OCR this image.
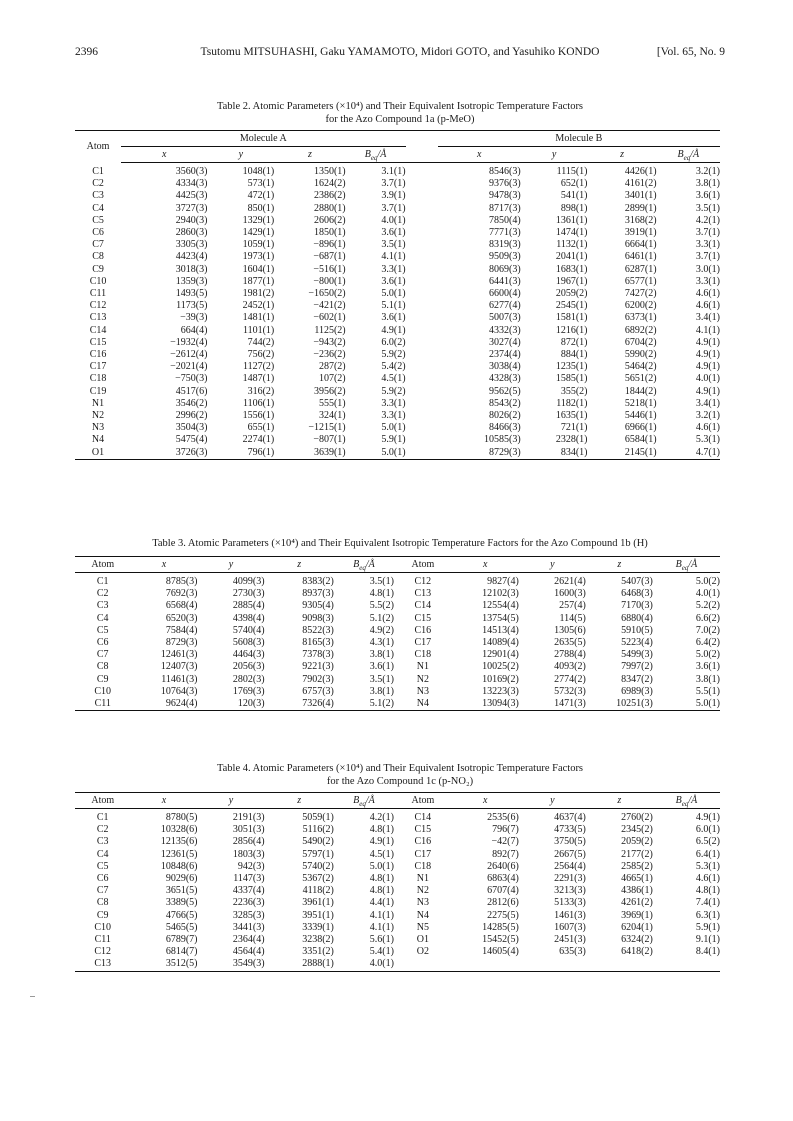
2396	Tsutomu MITSUHASHI, Gaku YAMAMOTO, Midori GOTO, and Yasuhiko KONDO	[Vol. 65, No. 9
Table 2. Atomic Parameters (×10⁴) and Their Equivalent Isotropic Temperature Factors
for the Azo Compound 1a (p-MeO)
Atom	Molecule A					Molecule B			
	x	y	z	$B_{eq}/Å$		x	y	z	$B_{eq}/Å$
C1	3560(3)	1048(1)	1350(1)	3.1(1)		8546(3)	1115(1)	4426(1)	3.2(1)
C2	4334(3)	573(1)	1624(2)	3.7(1)		9376(3)	652(1)	4161(2)	3.8(1)
C3	4425(3)	472(1)	2386(2)	3.9(1)		9478(3)	541(1)	3401(1)	3.6(1)
C4	3727(3)	850(1)	2880(1)	3.7(1)		8717(3)	898(1)	2899(1)	3.5(1)
C5	2940(3)	1329(1)	2606(2)	4.0(1)		7850(4)	1361(1)	3168(2)	4.2(1)
C6	2860(3)	1429(1)	1850(1)	3.6(1)		7771(3)	1474(1)	3919(1)	3.7(1)
C7	3305(3)	1059(1)	−896(1)	3.5(1)		8319(3)	1132(1)	6664(1)	3.3(1)
C8	4423(4)	1973(1)	−687(1)	4.1(1)		9509(3)	2041(1)	6461(1)	3.7(1)
C9	3018(3)	1604(1)	−516(1)	3.3(1)		8069(3)	1683(1)	6287(1)	3.0(1)
C10	1359(3)	1877(1)	−800(1)	3.6(1)		6441(3)	1967(1)	6577(1)	3.3(1)
C11	1493(5)	1981(2)	−1650(2)	5.0(1)		6600(4)	2059(2)	7427(2)	4.6(1)
C12	1173(5)	2452(1)	−421(2)	5.1(1)		6277(4)	2545(1)	6200(2)	4.6(1)
C13	−39(3)	1481(1)	−602(1)	3.6(1)		5007(3)	1581(1)	6373(1)	3.4(1)
C14	664(4)	1101(1)	1125(2)	4.9(1)		4332(3)	1216(1)	6892(2)	4.1(1)
C15	−1932(4)	744(2)	−943(2)	6.0(2)		3027(4)	872(1)	6704(2)	4.9(1)
C16	−2612(4)	756(2)	−236(2)	5.9(2)		2374(4)	884(1)	5990(2)	4.9(1)
C17	−2021(4)	1127(2)	287(2)	5.4(2)		3038(4)	1235(1)	5464(2)	4.9(1)
C18	−750(3)	1487(1)	107(2)	4.5(1)		4328(3)	1585(1)	5651(2)	4.0(1)
C19	4517(6)	316(2)	3956(2)	5.9(2)		9562(5)	355(2)	1844(2)	4.9(1)
N1	3546(2)	1106(1)	555(1)	3.3(1)		8543(2)	1182(1)	5218(1)	3.4(1)
N2	2996(2)	1556(1)	324(1)	3.3(1)		8026(2)	1635(1)	5446(1)	3.2(1)
N3	3504(3)	655(1)	−1215(1)	5.0(1)		8466(3)	721(1)	6966(1)	4.6(1)
N4	5475(4)	2274(1)	−807(1)	5.9(1)		10585(3)	2328(1)	6584(1)	5.3(1)
O1	3726(3)	796(1)	3639(1)	5.0(1)		8729(3)	834(1)	2145(1)	4.7(1)
Table 3. Atomic Parameters (×10⁴) and Their Equivalent Isotropic Temperature Factors for the Azo Compound 1b (H)
Atom	x	y	z	$B_{eq}/Å$	Atom	x	y	z	$B_{eq}/Å$
C1	8785(3)	4099(3)	8383(2)	3.5(1)	C12	9827(4)	2621(4)	5407(3)	5.0(2)
C2	7692(3)	2730(3)	8937(3)	4.8(1)	C13	12102(3)	1600(3)	6468(3)	4.0(1)
C3	6568(4)	2885(4)	9305(4)	5.5(2)	C14	12554(4)	257(4)	7170(3)	5.2(2)
C4	6520(3)	4398(4)	9098(3)	5.1(2)	C15	13754(5)	114(5)	6880(4)	6.6(2)
C5	7584(4)	5740(4)	8522(3)	4.9(2)	C16	14513(4)	1305(6)	5910(5)	7.0(2)
C6	8729(3)	5608(3)	8165(3)	4.3(1)	C17	14089(4)	2635(5)	5223(4)	6.4(2)
C7	12461(3)	4464(3)	7378(3)	3.8(1)	C18	12901(4)	2788(4)	5499(3)	5.0(2)
C8	12407(3)	2056(3)	9221(3)	3.6(1)	N1	10025(2)	4093(2)	7997(2)	3.6(1)
C9	11461(3)	2802(3)	7902(3)	3.5(1)	N2	10169(2)	2774(2)	8347(2)	3.8(1)
C10	10764(3)	1769(3)	6757(3)	3.8(1)	N3	13223(3)	5732(3)	6989(3)	5.5(1)
C11	9624(4)	120(3)	7326(4)	5.1(2)	N4	13094(3)	1471(3)	10251(3)	5.0(1)
Table 4. Atomic Parameters (×10⁴) and Their Equivalent Isotropic Temperature Factors
for the Azo Compound 1c (p-NO₂)
Atom	x	y	z	$B_{eq}/Å$	Atom	x	y	z	$B_{eq}/Å$
C1	8780(5)	2191(3)	5059(1)	4.2(1)	C14	2535(6)	4637(4)	2760(2)	4.9(1)
C2	10328(6)	3051(3)	5116(2)	4.8(1)	C15	796(7)	4733(5)	2345(2)	6.0(1)
C3	12135(6)	2856(4)	5490(2)	4.9(1)	C16	−42(7)	3750(5)	2059(2)	6.5(2)
C4	12361(5)	1803(3)	5797(1)	4.5(1)	C17	892(7)	2667(5)	2177(2)	6.4(1)
C5	10848(6)	942(3)	5740(2)	5.0(1)	C18	2640(6)	2564(4)	2585(2)	5.3(1)
C6	9029(6)	1147(3)	5367(2)	4.8(1)	N1	6863(4)	2291(3)	4665(1)	4.6(1)
C7	3651(5)	4337(4)	4118(2)	4.8(1)	N2	6707(4)	3213(3)	4386(1)	4.8(1)
C8	3389(5)	2236(3)	3961(1)	4.4(1)	N3	2812(6)	5133(3)	4261(2)	7.4(1)
C9	4766(5)	3285(3)	3951(1)	4.1(1)	N4	2275(5)	1461(3)	3969(1)	6.3(1)
C10	5465(5)	3441(3)	3339(1)	4.1(1)	N5	14285(5)	1607(3)	6204(1)	5.9(1)
C11	6789(7)	2364(4)	3238(2)	5.6(1)	O1	15452(5)	2451(3)	6324(2)	9.1(1)
C12	6814(7)	4564(4)	3351(2)	5.4(1)	O2	14605(4)	635(3)	6418(2)	8.4(1)
C13	3512(5)	3549(3)	2888(1)	4.0(1)					
